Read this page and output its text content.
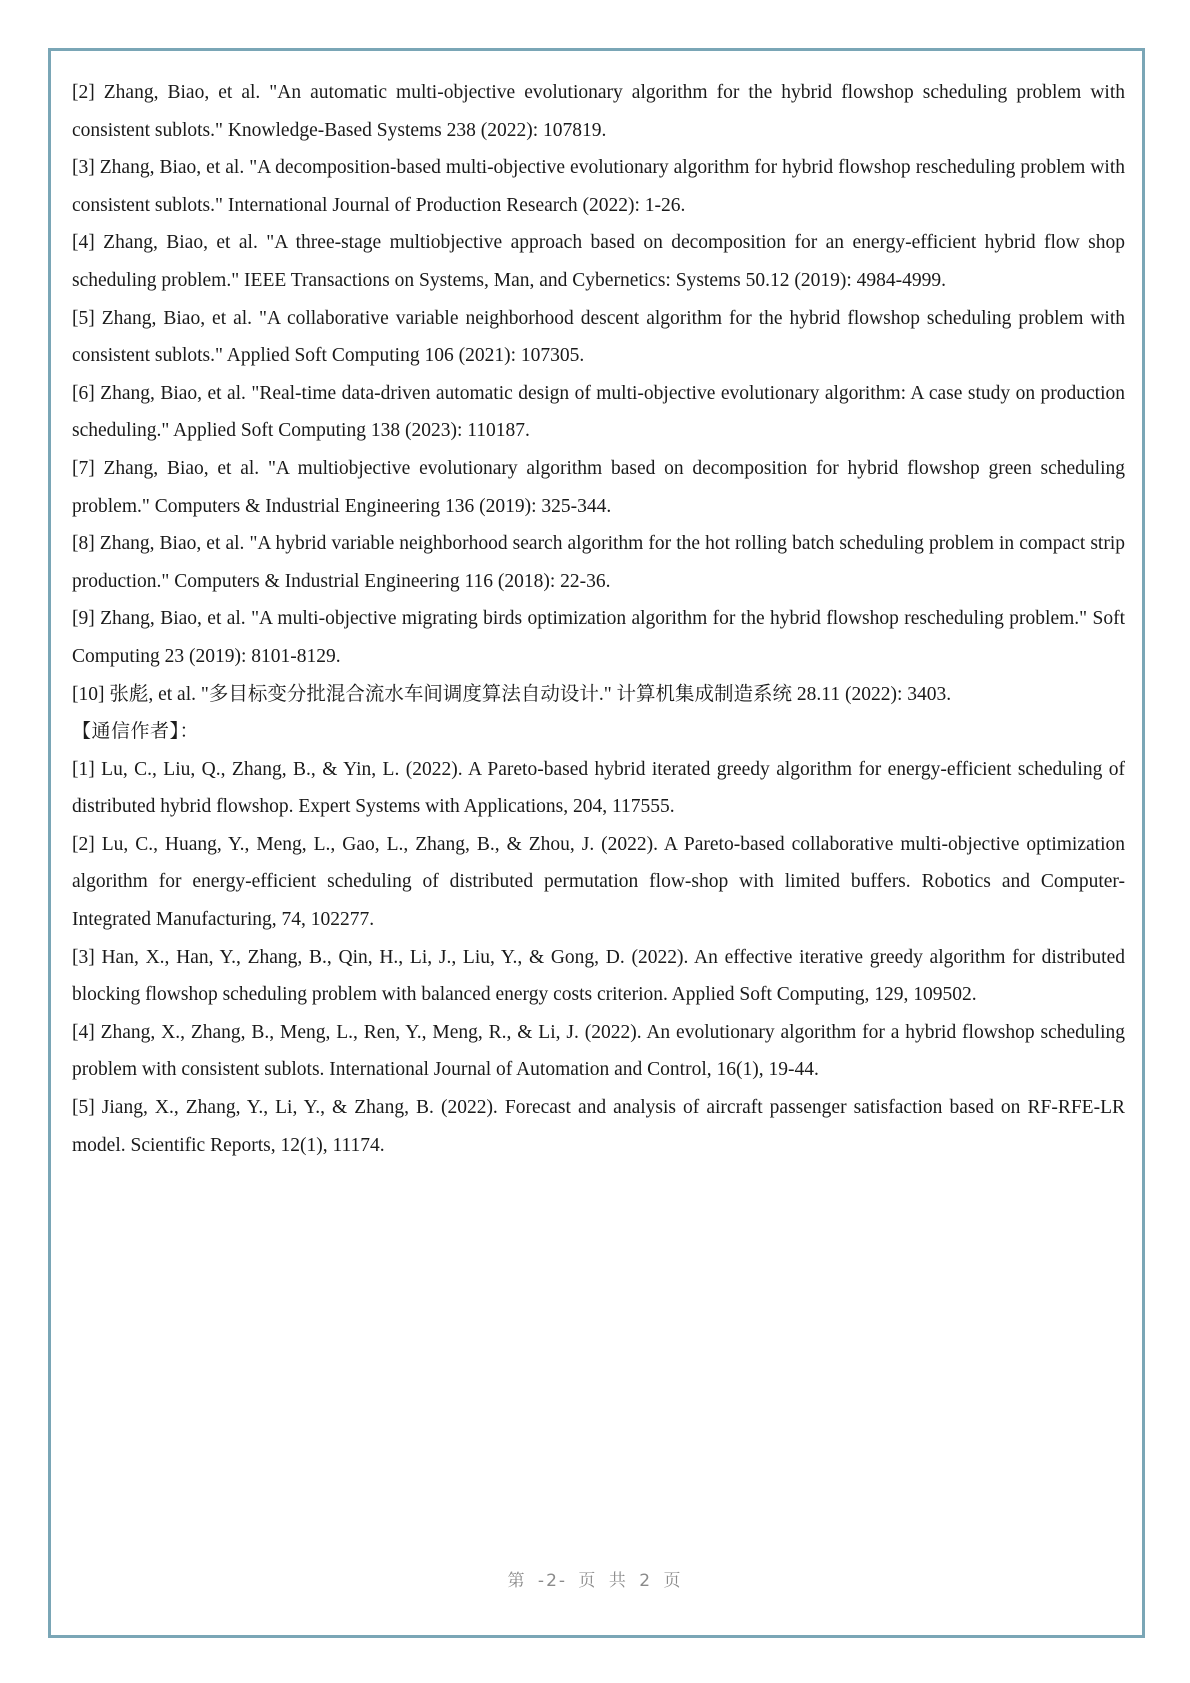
[2] Zhang, Biao, et al. "An automatic multi-objective evolutionary algorithm for the hybrid flowshop scheduling problem with consistent sublots." Knowledge-Based Systems 238 (2022): 107819.

[3] Zhang, Biao, et al. "A decomposition-based multi-objective evolutionary algorithm for hybrid flowshop rescheduling problem with consistent sublots." International Journal of Production Research (2022): 1-26.

[4] Zhang, Biao, et al. "A three-stage multiobjective approach based on decomposition for an energy-efficient hybrid flow shop scheduling problem." IEEE Transactions on Systems, Man, and Cybernetics: Systems 50.12 (2019): 4984-4999.

[5] Zhang, Biao, et al. "A collaborative variable neighborhood descent algorithm for the hybrid flowshop scheduling problem with consistent sublots." Applied Soft Computing 106 (2021): 107305.

[6] Zhang, Biao, et al. "Real-time data-driven automatic design of multi-objective evolutionary algorithm: A case study on production scheduling." Applied Soft Computing 138 (2023): 110187.

[7] Zhang, Biao, et al. "A multiobjective evolutionary algorithm based on decomposition for hybrid flowshop green scheduling problem." Computers & Industrial Engineering 136 (2019): 325-344.

[8] Zhang, Biao, et al. "A hybrid variable neighborhood search algorithm for the hot rolling batch scheduling problem in compact strip production." Computers & Industrial Engineering 116 (2018): 22-36.

[9] Zhang, Biao, et al. "A multi-objective migrating birds optimization algorithm for the hybrid flowshop rescheduling problem." Soft Computing 23 (2019): 8101-8129.

[10] 张彪, et al. "多目标变分批混合流水车间调度算法自动设计." 计算机集成制造系统 28.11 (2022): 3403.

【通信作者】：

[1] Lu, C., Liu, Q., Zhang, B., & Yin, L. (2022). A Pareto-based hybrid iterated greedy algorithm for energy-efficient scheduling of distributed hybrid flowshop. Expert Systems with Applications, 204, 117555.

[2] Lu, C., Huang, Y., Meng, L., Gao, L., Zhang, B., & Zhou, J. (2022). A Pareto-based collaborative multi-objective optimization algorithm for energy-efficient scheduling of distributed permutation flow-shop with limited buffers. Robotics and Computer-Integrated Manufacturing, 74, 102277.

[3] Han, X., Han, Y., Zhang, B., Qin, H., Li, J., Liu, Y., & Gong, D. (2022). An effective iterative greedy algorithm for distributed blocking flowshop scheduling problem with balanced energy costs criterion. Applied Soft Computing, 129, 109502.

[4] Zhang, X., Zhang, B., Meng, L., Ren, Y., Meng, R., & Li, J. (2022). An evolutionary algorithm for a hybrid flowshop scheduling problem with consistent sublots. International Journal of Automation and Control, 16(1), 19-44.

[5] Jiang, X., Zhang, Y., Li, Y., & Zhang, B. (2022). Forecast and analysis of aircraft passenger satisfaction based on RF-RFE-LR model. Scientific Reports, 12(1), 11174.

第 -2- 页 共 2 页
